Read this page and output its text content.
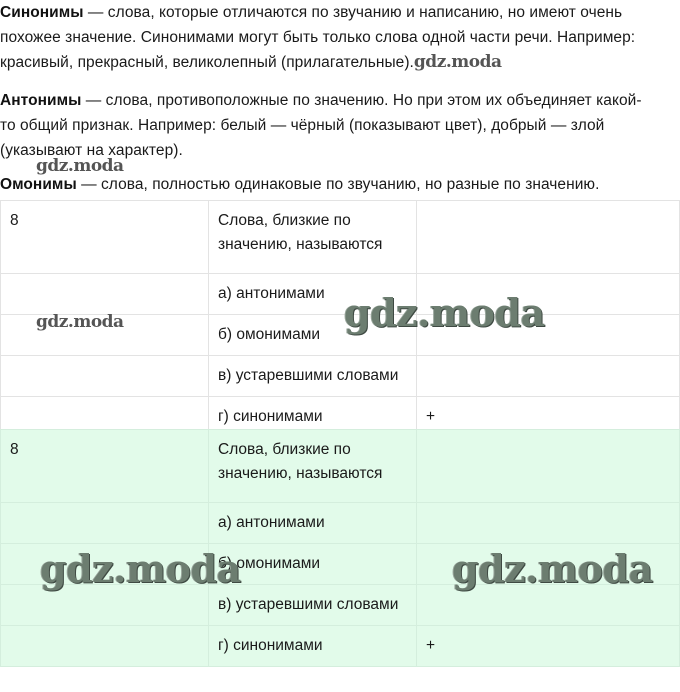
Синонимы — слова, которые отличаются по звучанию и написанию, но имеют очень
похожее значение. Синонимами могут быть только слова одной части речи. Например:
красивый, прекрасный, великолепный (прилагательные).gdz.moda
Антонимы — слова, противоположные по значению. Но при этом их объединяет какой-
то общий признак. Например: белый — чёрный (показывают цвет), добрый — злой
(указывают на характер).
Омонимы — слова, полностью одинаковые по звучанию, но разные по значению.
8	Слова, близкие по
значению, называются	
	а) антонимами	
	б) омонимами	
	в) устаревшими словами	
	г) синонимами	+
8	Слова, близкие по
значению, называются	
	а) антонимами	
	б) омонимами	
	в) устаревшими словами	
	г) синонимами	+
gdz.moda
gdz.moda	gdz.moda
gdz.moda	gdz.moda
